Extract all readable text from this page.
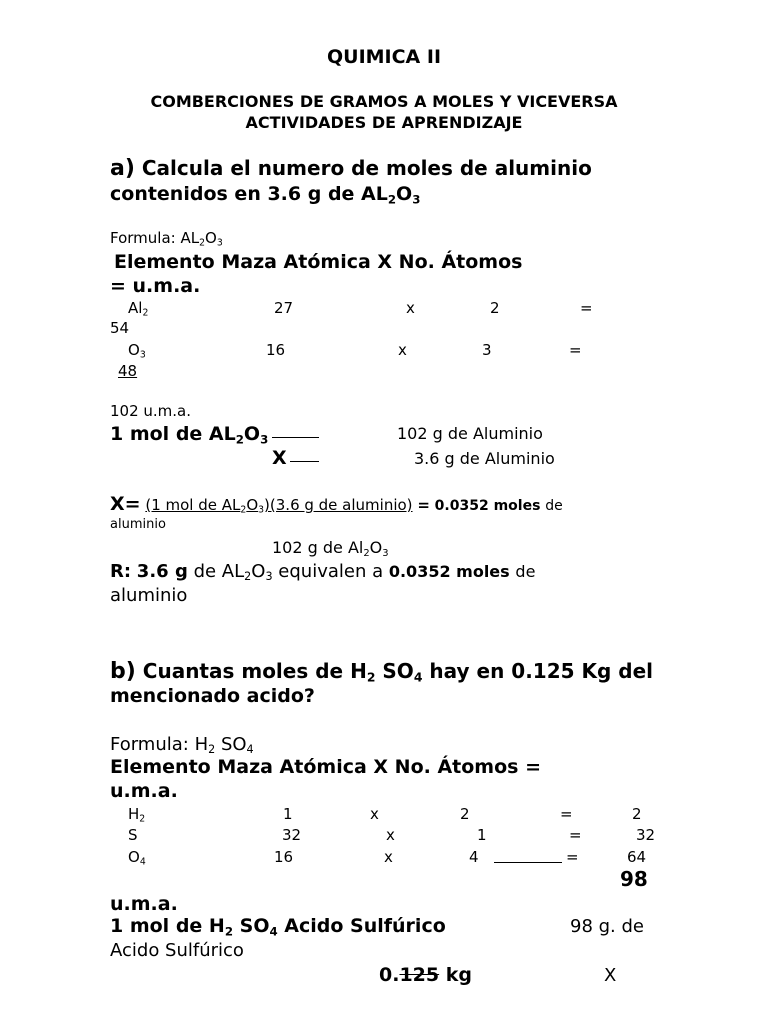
QUIMICA II
COMBERCIONES DE GRAMOS A MOLES Y VICEVERSA
ACTIVIDADES DE APRENDIZAJE
a) Calcula el numero de moles de aluminio
contenidos en 3.6 g de $AL_2O_3$
Formula: $AL_2O_3$
Elemento Maza Atómica X No. Átomos
= u.m.a.
$Al_2$	27	x	2	=
54
$O_3$	16	x	3	=
48
102 u.m.a.
1 mol de $AL_2O_3$	102 g de Aluminio
X	3.6 g de Aluminio
X= (1 mol de $AL_2O_3)(3.6$ g de aluminio) = 0.0352 moles de
aluminio
102 g de $Al_2O_3$
R: 3.6 g de $AL_2O_3$ equivalen a 0.0352 moles de
aluminio
b) Cuantas moles de $H_2$ $SO_4$ hay en 0.125 Kg del
mencionado acido?
Formula: $H_2$ $SO_4$
Elemento Maza Atómica X No. Átomos =
u.m.a.
$H_2$	1	x	2	=	2
S	32	x	1	=	32
$O_4$	16	x	4	=	64
98
u.m.a.
1 mol de $H_2$ $SO_4$ Acido Sulfúrico	98 g. de
Acido Sulfúrico
0.125 kg	X
